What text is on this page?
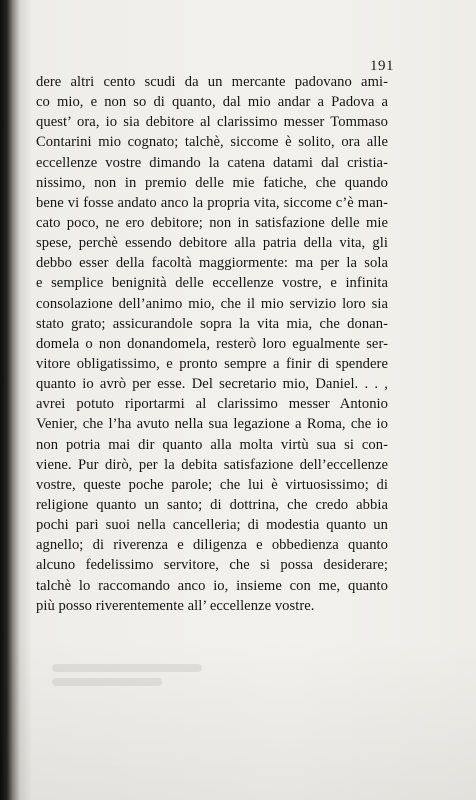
191
dere altri cento scudi da un mercante padovano ami-
co mio, e non so di quanto, dal mio andar a Padova a
quest’ ora, io sia debitore al clarissimo messer Tommaso
Contarini mio cognato; talchè, siccome è solito, ora alle
eccellenze vostre dimando la catena datami dal cristia-
nissimo, non in premio delle mie fatiche, che quando
bene vi fosse andato anco la propria vita, siccome c’è man-
cato poco, ne ero debitore; non in satisfazione delle mie
spese, perchè essendo debitore alla patria della vita, gli
debbo esser della facoltà maggiormente: ma per la sola
e semplice benignità delle eccellenze vostre, e infinita
consolazione dell’animo mio, che il mio servizio loro sia
stato grato; assicurandole sopra la vita mia, che donan-
domela o non donandomela, resterò loro egualmente ser-
vitore obligatissimo, e pronto sempre a finir di spendere
quanto io avrò per esse. Del secretario mio, Daniel. . . ,
avrei potuto riportarmi al clarissimo messer Antonio
Venier, che l’ha avuto nella sua legazione a Roma, che io
non potria mai dir quanto alla molta virtù sua si con-
viene. Pur dirò, per la debita satisfazione dell’eccellenze
vostre, queste poche parole; che lui è virtuosissimo; di
religione quanto un santo; di dottrina, che credo abbia
pochi pari suoi nella cancelleria; di modestia quanto un
agnello; di riverenza e diligenza e obbedienza quanto
alcuno fedelissimo servitore, che si possa desiderare;
talchè lo raccomando anco io, insieme con me, quanto
più posso riverentemente all’ eccellenze vostre.
